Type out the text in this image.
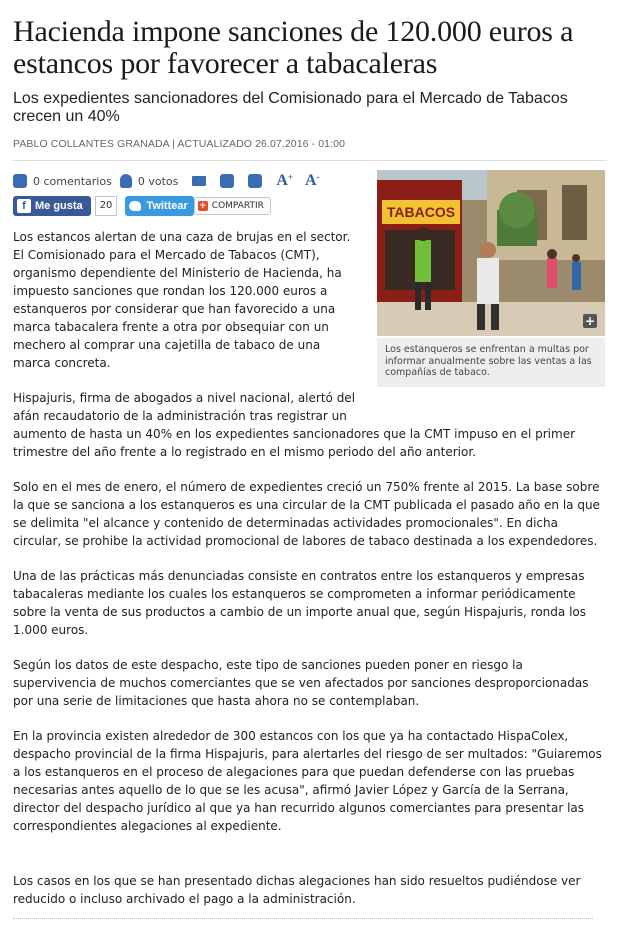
Hacienda impone sanciones de 120.000 euros a estancos por favorecer a tabacaleras
Los expedientes sancionadores del Comisionado para el Mercado de Tabacos crecen un 40%
PABLO COLLANTES GRANADA | ACTUALIZADO 26.07.2016 - 01:00
0 comentarios 0 votos	A+ A-
f Me gusta	20	Twittear + COMPARTIR	TABACOS
+
Los estanqueros se enfrentan a multas por informar anualmente sobre las ventas a las compañías de tabaco.

Los estancos alertan de una caza de brujas en el sector. El Comisionado para el Mercado de Tabacos (CMT), organismo dependiente del Ministerio de Hacienda, ha impuesto sanciones que rondan los 120.000 euros a estanqueros por considerar que han favorecido a una marca tabacalera frente a otra por obsequiar con un mechero al comprar una cajetilla de tabaco de una marca concreta.

Hispajuris, firma de abogados a nivel nacional, alertó del afán recaudatorio de la administración tras registrar un
aumento de hasta un 40% en los expedientes sancionadores que la CMT impuso en el primer trimestre del año frente a lo registrado en el mismo periodo del año anterior.

Solo en el mes de enero, el número de expedientes creció un 750% frente al 2015. La base sobre la que se sanciona a los estanqueros es una circular de la CMT publicada el pasado año en la que se delimita "el alcance y contenido de determinadas actividades promocionales". En dicha circular, se prohibe la actividad promocional de labores de tabaco destinada a los expendedores.

Una de las prácticas más denunciadas consiste en contratos entre los estanqueros y empresas tabacaleras mediante los cuales los estanqueros se comprometen a informar periódicamente sobre la venta de sus productos a cambio de un importe anual que, según Hispajuris, ronda los 1.000 euros.

Según los datos de este despacho, este tipo de sanciones pueden poner en riesgo la supervivencia de muchos comerciantes que se ven afectados por sanciones desproporcionadas por una serie de limitaciones que hasta ahora no se contemplaban.

En la provincia existen alrededor de 300 estancos con los que ya ha contactado HispaColex, despacho provincial de la firma Hispajuris, para alertarles del riesgo de ser multados: "Guiaremos a los estanqueros en el proceso de alegaciones para que puedan defenderse con las pruebas necesarias antes aquello de lo que se les acusa", afirmó Javier López y García de la Serrana, director del despacho jurídico al que ya han recurrido algunos comerciantes para presentar las correspondientes alegaciones al expediente.

Los casos en los que se han presentado dichas alegaciones han sido resueltos pudiéndose ver reducido o incluso archivado el pago a la administración.
